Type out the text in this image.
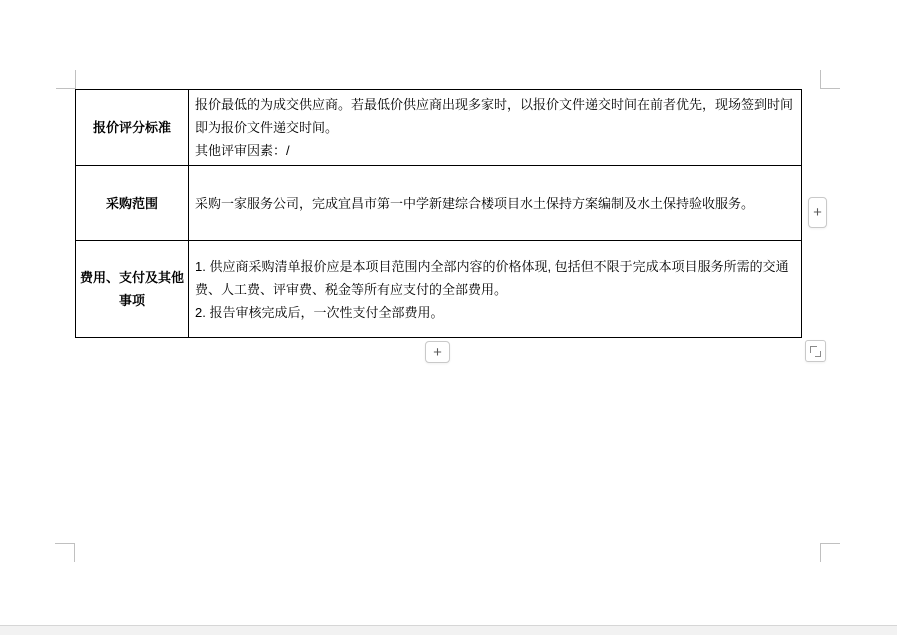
报价评分标准	报价最低的为成交供应商。若最低价供应商出现多家时，以报价文件递交时间在前者优先，现场签到时间即为报价文件递交时间。
其他评审因素：/

采购范围	采购一家服务公司，完成宜昌市第一中学新建综合楼项目水土保持方案编制及水土保持验收服务。

费用、支付及其他事项	1. 供应商采购清单报价应是本项目范围内全部内容的价格体现, 包括但不限于完成本项目服务所需的交通费、人工费、评审费、税金等所有应支付的全部费用。
2. 报告审核完成后，一次性支付全部费用。
+
+
